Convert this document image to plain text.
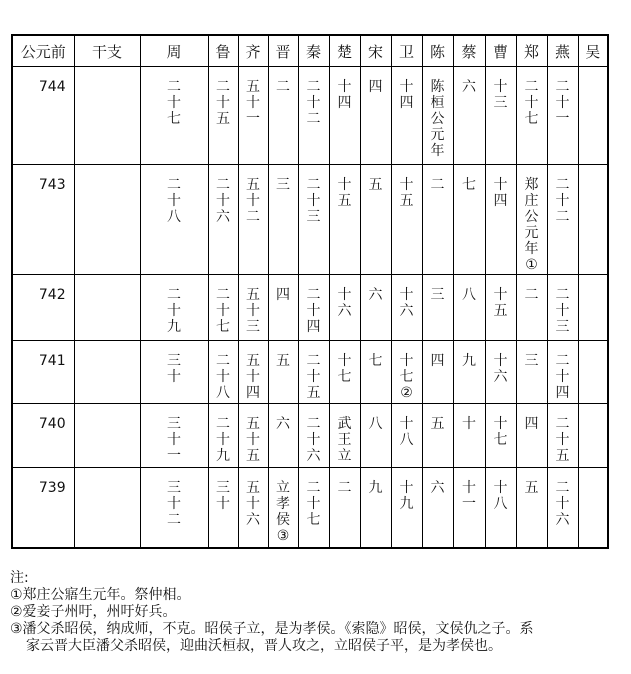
公元前	干支	周	鲁	齐	晋	秦	楚	宋	卫	陈	蔡	曹	郑	燕	吴
744		二十七	二十五	五十一	二	二十二	十四	四	十四	陈桓公元年	六	十三	二十七	二十一	

743		二十八	二十六	五十二	三	二十三	十五	五	十五	二	七	十四	郑庄公元年①	二十二	

742		二十九	二十七	五十三	四	二十四	十六	六	十六	三	八	十五	二	二十三	

741		三十	二十八	五十四	五	二十五	十七	七	十七②	四	九	十六	三	二十四	

740		三十一	二十九	五十五	六	二十六	武王立	八	十八	五	十	十七	四	二十五	

739		三十二	三十	五十六	立孝侯③	二十七	二	九	十九	六	十一	十八	五	二十六	

注:
①郑庄公寤生元年。祭仲相。
②爱妾子州吁，州吁好兵。
③潘父杀昭侯，纳成师，不克。昭侯子立，是为孝侯。《索隐》昭侯，文侯仇之子。系
家云晋大臣潘父杀昭侯，迎曲沃桓叔，晋人攻之，立昭侯子平，是为孝侯也。
